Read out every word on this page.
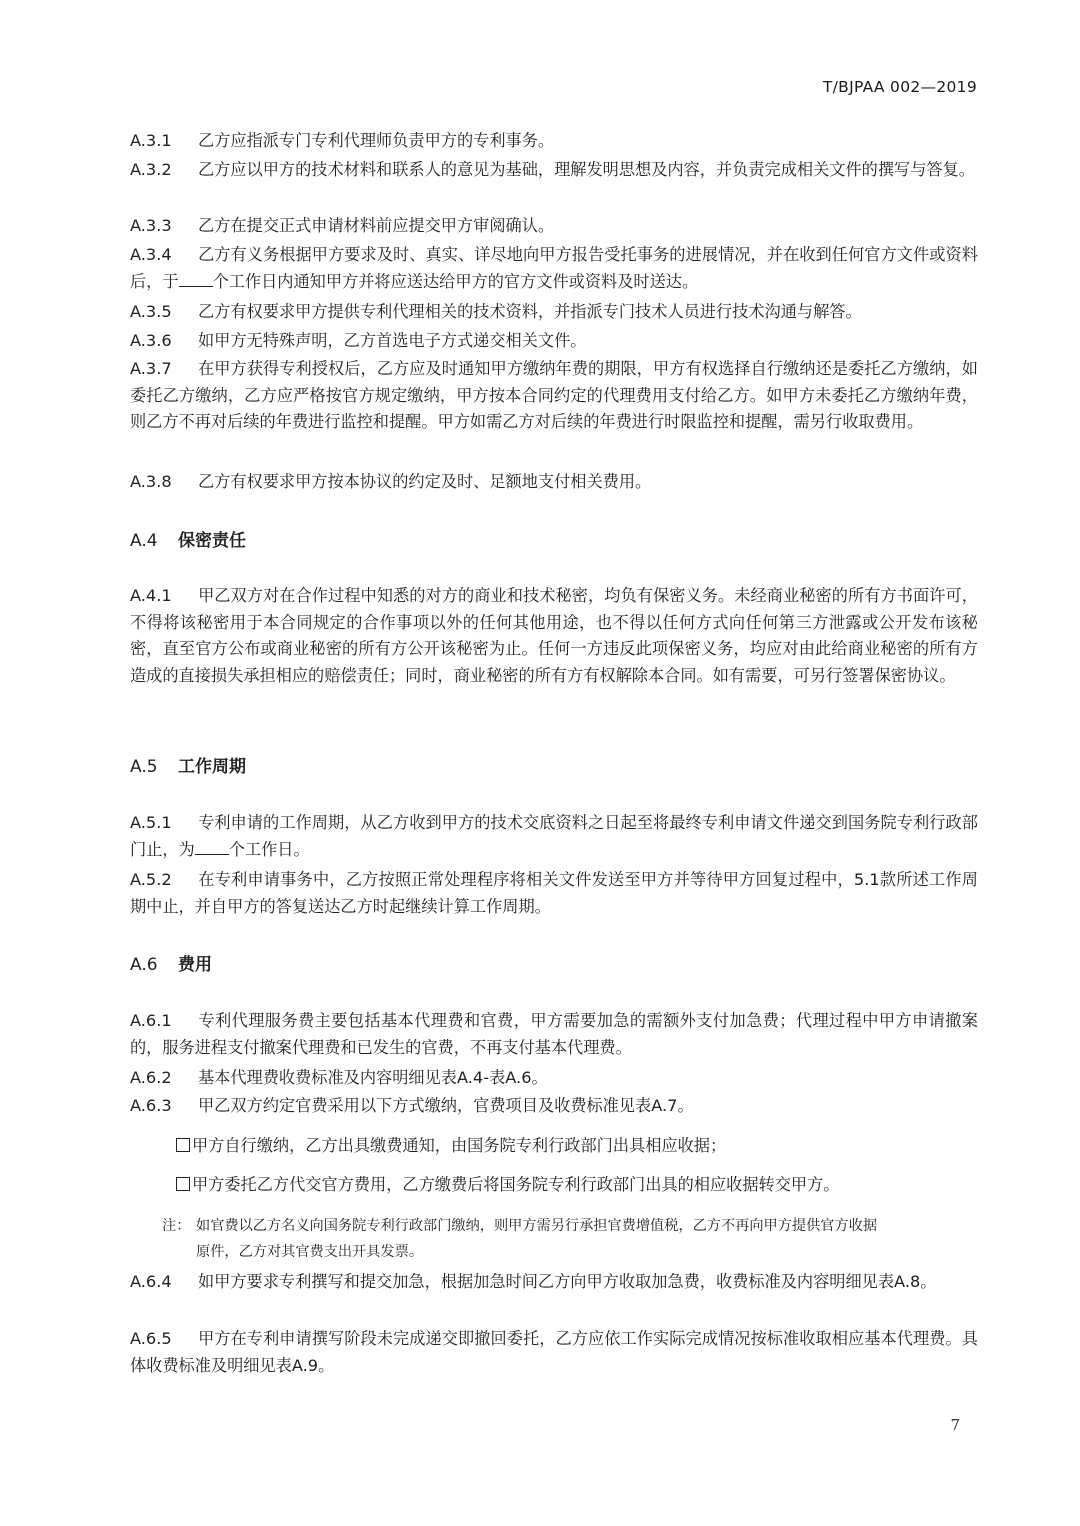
T/BJPAA 002—2019

A.3.1 乙方应指派专门专利代理师负责甲方的专利事务。

A.3.2 乙方应以甲方的技术材料和联系人的意见为基础，理解发明思想及内容，并负责完成相关文件的撰写与答复。

A.3.3 乙方在提交正式申请材料前应提交甲方审阅确认。

A.3.4 乙方有义务根据甲方要求及时、真实、详尽地向甲方报告受托事务的进展情况，并在收到任何官方文件或资料后，于 个工作日内通知甲方并将应送达给甲方的官方文件或资料及时送达。

A.3.5 乙方有权要求甲方提供专利代理相关的技术资料，并指派专门技术人员进行技术沟通与解答。

A.3.6 如甲方无特殊声明，乙方首选电子方式递交相关文件。

A.3.7 在甲方获得专利授权后，乙方应及时通知甲方缴纳年费的期限，甲方有权选择自行缴纳还是委托乙方缴纳，如委托乙方缴纳，乙方应严格按官方规定缴纳，甲方按本合同约定的代理费用支付给乙方。如甲方未委托乙方缴纳年费，则乙方不再对后续的年费进行监控和提醒。甲方如需乙方对后续的年费进行时限监控和提醒，需另行收取费用。

A.3.8 乙方有权要求甲方按本协议的约定及时、足额地支付相关费用。

A.4 保密责任

A.4.1 甲乙双方对在合作过程中知悉的对方的商业和技术秘密，均负有保密义务。未经商业秘密的所有方书面许可，不得将该秘密用于本合同规定的合作事项以外的任何其他用途，也不得以任何方式向任何第三方泄露或公开发布该秘密，直至官方公布或商业秘密的所有方公开该秘密为止。任何一方违反此项保密义务，均应对由此给商业秘密的所有方造成的直接损失承担相应的赔偿责任；同时，商业秘密的所有方有权解除本合同。如有需要，可另行签署保密协议。

A.5 工作周期

A.5.1 专利申请的工作周期，从乙方收到甲方的技术交底资料之日起至将最终专利申请文件递交到国务院专利行政部门止，为 个工作日。

A.5.2 在专利申请事务中，乙方按照正常处理程序将相关文件发送至甲方并等待甲方回复过程中，5.1款所述工作周期中止，并自甲方的答复送达乙方时起继续计算工作周期。

A.6 费用

A.6.1 专利代理服务费主要包括基本代理费和官费，甲方需要加急的需额外支付加急费；代理过程中甲方申请撤案的，服务进程支付撤案代理费和已发生的官费，不再支付基本代理费。

A.6.2 基本代理费收费标准及内容明细见表A.4-表A.6。

A.6.3 甲乙双方约定官费采用以下方式缴纳，官费项目及收费标准见表A.7。

甲方自行缴纳，乙方出具缴费通知，由国务院专利行政部门出具相应收据；
甲方委托乙方代交官方费用，乙方缴费后将国务院专利行政部门出具的相应收据转交甲方。
注： 如官费以乙方名义向国务院专利行政部门缴纳，则甲方需另行承担官费增值税，乙方不再向甲方提供官方收据
原件，乙方对其官费支出开具发票。

A.6.4 如甲方要求专利撰写和提交加急，根据加急时间乙方向甲方收取加急费，收费标准及内容明细见表A.8。

A.6.5 甲方在专利申请撰写阶段未完成递交即撤回委托，乙方应依工作实际完成情况按标准收取相应基本代理费。具体收费标准及明细见表A.9。

7
